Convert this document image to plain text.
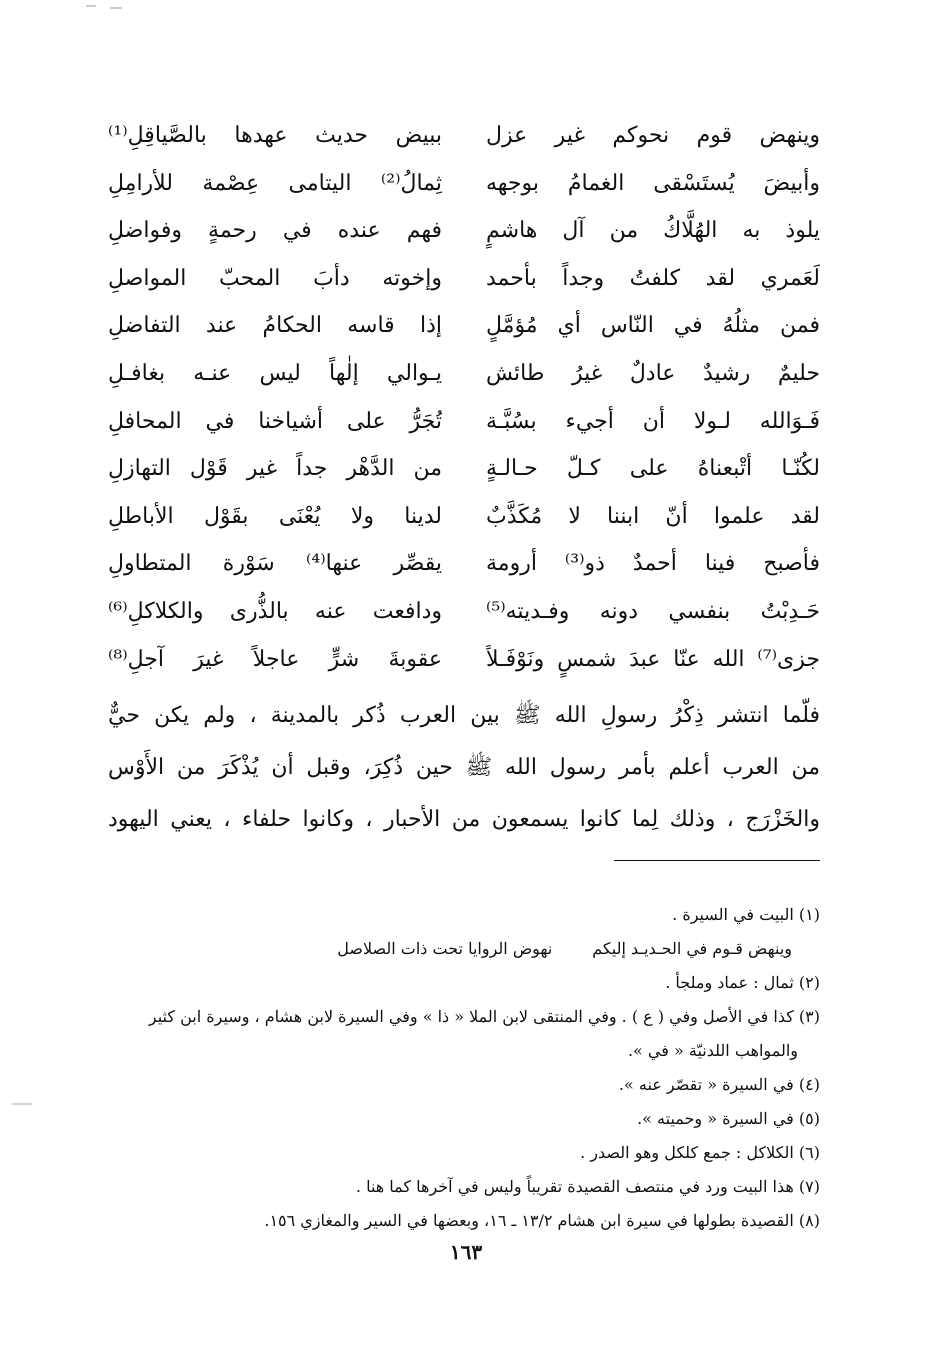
وينهض قوم نحوكم غير عزل
ببيض حديث عهدها بالصَّياقِلِ⁽¹⁾
وأبيضَ يُستَسْقى الغمامُ بوجهه
ثِمالُ⁽²⁾ اليتامى عِصْمة للأرامِلِ
يلوذ به الهُلَّاكُ من آل هاشمٍ
فهم عنده في رحمةٍ وفواضلِ
لَعَمري لقد كلفتُ وجداً بأحمد
وإخوته دأبَ المحبّ المواصلِ
فمن مثلُهُ في النّاس أي مُؤمَّلٍ
إذا قاسه الحكامُ عند التفاضلِ
حليمٌ رشيدٌ عادلٌ غيرُ طائش
يـوالي إلٰهاً ليس عنـه بغافـلِ
فَـوَالله لـولا أن أجيء بسُبَّـة
تُجَرُّ على أشياخنا في المحافلِ
لكُنّـا أتْبعناهُ على كـلّ حـالـةٍ
من الدَّهْر جداً غير قَوْل التهازلِ
لقد علموا أنّ ابننا لا مُكَذَّبٌ
لدينا ولا يُعْنَى بقَوْل الأباطلِ
فأصبح فينا أحمدٌ ذو⁽³⁾ أرومة
يقصِّر عنها⁽⁴⁾ سَوْرة المتطاولِ
حَـدِبْتُ بنفسي دونه وفـديته⁽⁵⁾
ودافعت عنه بالذُّرى والكلاكلِ⁽⁶⁾
جزى⁽⁷⁾ الله عنّا عبدَ شمسٍ ونَوْفَـلاً
عقوبةَ شرٍّ عاجلاً غيرَ آجلِ⁽⁸⁾
فلّما انتشر ذِكْرُ رسولِ الله ﷺ بين العرب ذُكر بالمدينة ، ولم يكن حيٌّ
من العرب أعلم بأمر رسول الله ﷺ حين ذُكِرَ، وقبل أن يُذْكَرَ من الأَوْس
والخَزْرَج ، وذلك لِما كانوا يسمعون من الأحبار ، وكانوا حلفاء ، يعني اليهود
(١) البيت في السيرة .
وينهض قـوم في الحـديـد إليكم
نهوض الروايا تحت ذات الصلاصل
(٢) ثمال : عماد وملجأ .
(٣) كذا في الأصل وفي ( ع ) . وفي المنتقى لابن الملا « ذا » وفي السيرة لابن هشام ، وسيرة ابن كثير
والمواهب اللدنيّة « في ».
(٤) في السيرة « تقصّر عنه ».
(٥) في السيرة « وحميته ».
(٦) الكلاكل : جمع كلكل وهو الصدر .
(٧) هذا البيت ورد في منتصف القصيدة تقريباً وليس في آخرها كما هنا .
(٨) القصيدة بطولها في سيرة ابن هشام ١٣/٢ ـ ١٦، وبعضها في السير والمغازي ١٥٦.
١٦٣
